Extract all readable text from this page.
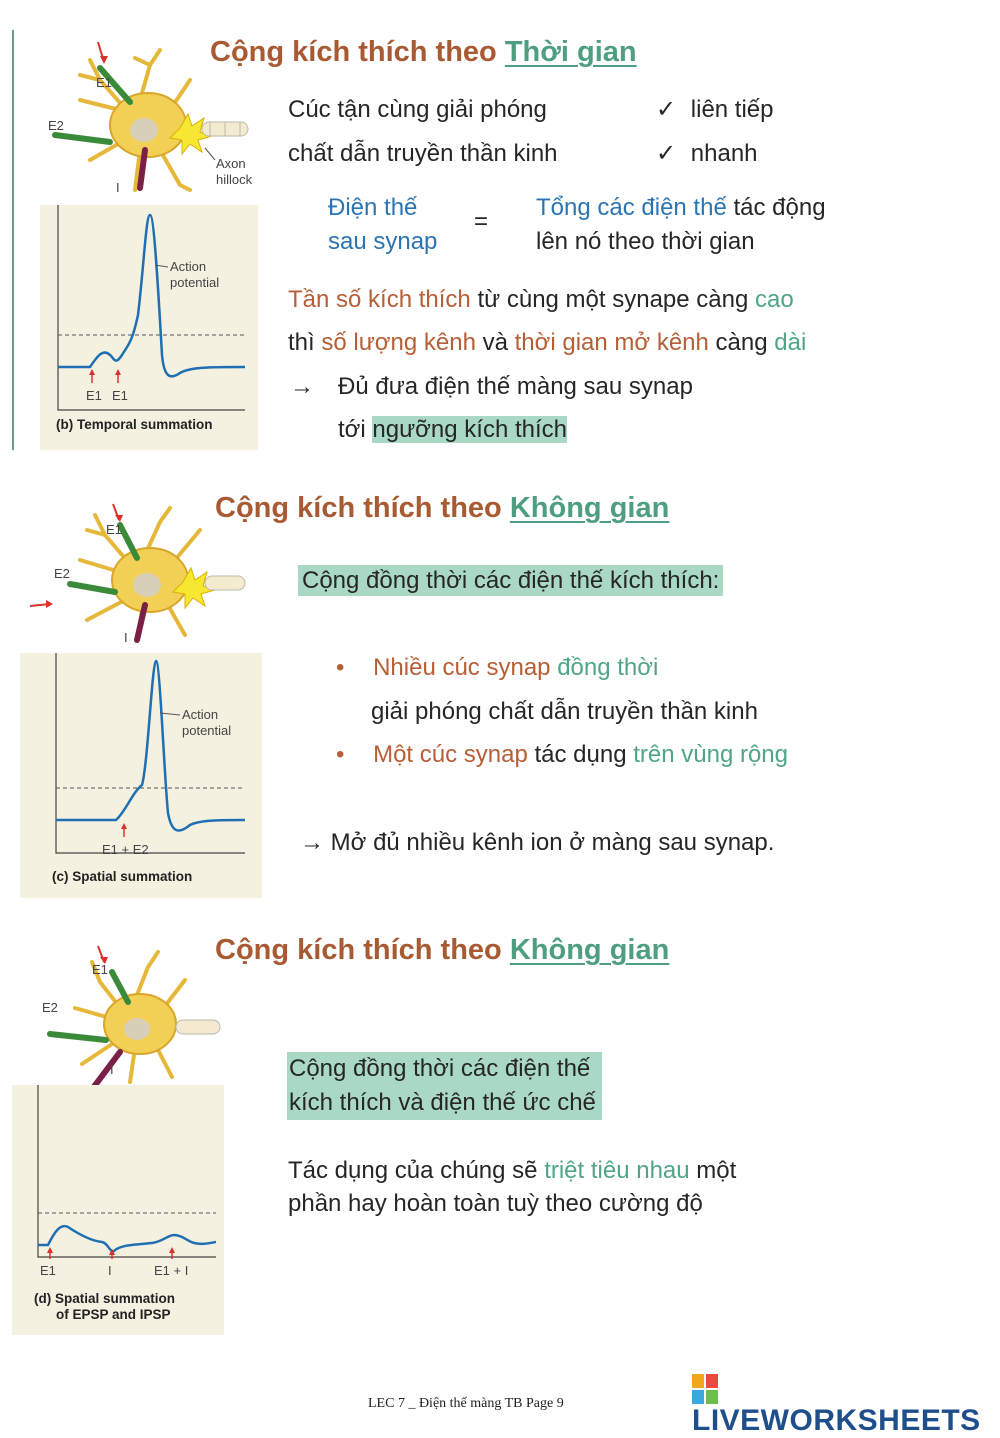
E1
E2
I
Axon
hillock
Action
potential
E1 E1
(b) Temporal summation
Cộng kích thích theo Thời gian
Cúc tận cùng giải phóng
chất dẫn truyền thần kinh
✓ liên tiếp
✓ nhanh
Điện thế
sau synap
=
Tổng các điện thế tác động
lên nó theo thời gian
Tần số kích thích từ cùng một synape càng cao
thì số lượng kênh và thời gian mở kênh càng dài
→ Đủ đưa điện thế màng sau synap
tới ngưỡng kích thích
E1
E2
I
Action
potential
E1 + E2
(c) Spatial summation
Cộng kích thích theo Không gian
Cộng đồng thời các điện thế kích thích:
• Nhiều cúc synap đồng thời
giải phóng chất dẫn truyền thần kinh
• Một cúc synap tác dụng trên vùng rộng
→ Mở đủ nhiều kênh ion ở màng sau synap.
E1
E2
I
E1	I	E1 + I
(d) Spatial summation
of EPSP and IPSP
Cộng kích thích theo Không gian
Cộng đồng thời các điện thế
kích thích và điện thế ức chế
Tác dụng của chúng sẽ triệt tiêu nhau một
phần hay hoàn toàn tuỳ theo cường độ
LEC 7 _ Điện thế màng TB Page 9
LIVEWORKSHEETS
